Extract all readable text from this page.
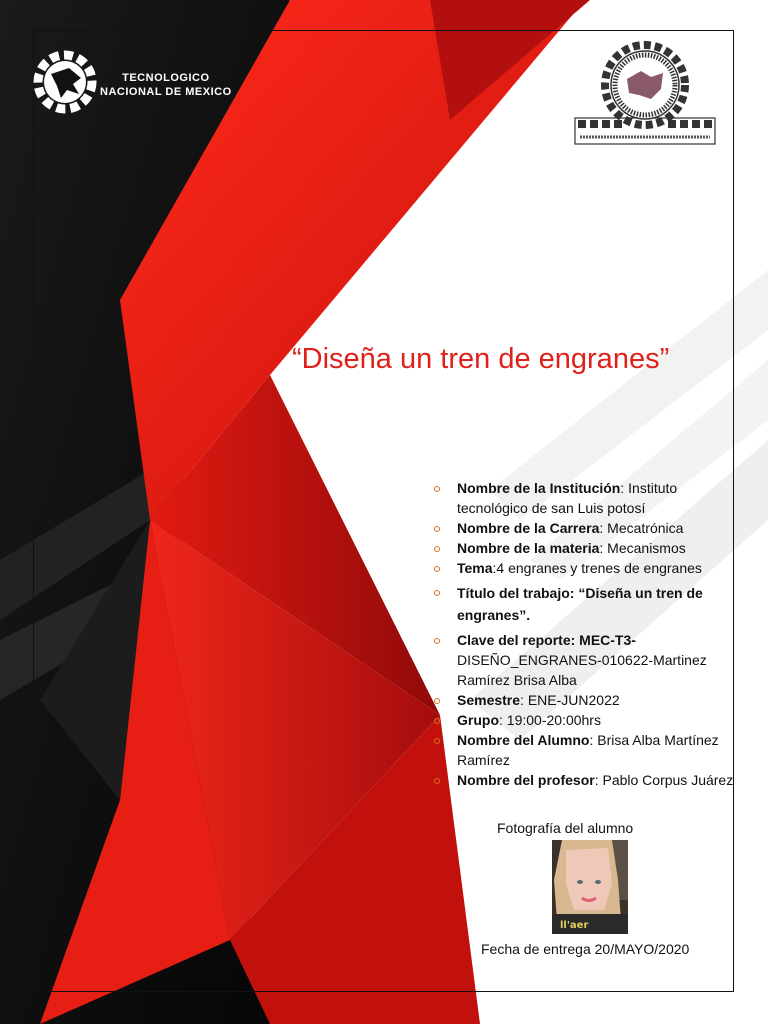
TECNOLOGICO
NACIONAL DE MEXICO
“Diseña un tren de engranes”
Nombre de la Institución: Instituto tecnológico de san Luis potosí
Nombre de la Carrera: Mecatrónica
Nombre de la materia: Mecanismos
Tema:4 engranes y trenes de engranes
Título del trabajo: “Diseña un tren de engranes”.
Clave del reporte: MEC-T3-DISEÑO_ENGRANES-010622-Martinez Ramírez Brisa Alba
Semestre: ENE-JUN2022
Grupo: 19:00-20:00hrs
Nombre del Alumno: Brisa Alba Martínez Ramírez
Nombre del profesor: Pablo Corpus Juárez
Fotografía del alumno
ll'aer
Fecha de entrega 20/MAYO/2020
